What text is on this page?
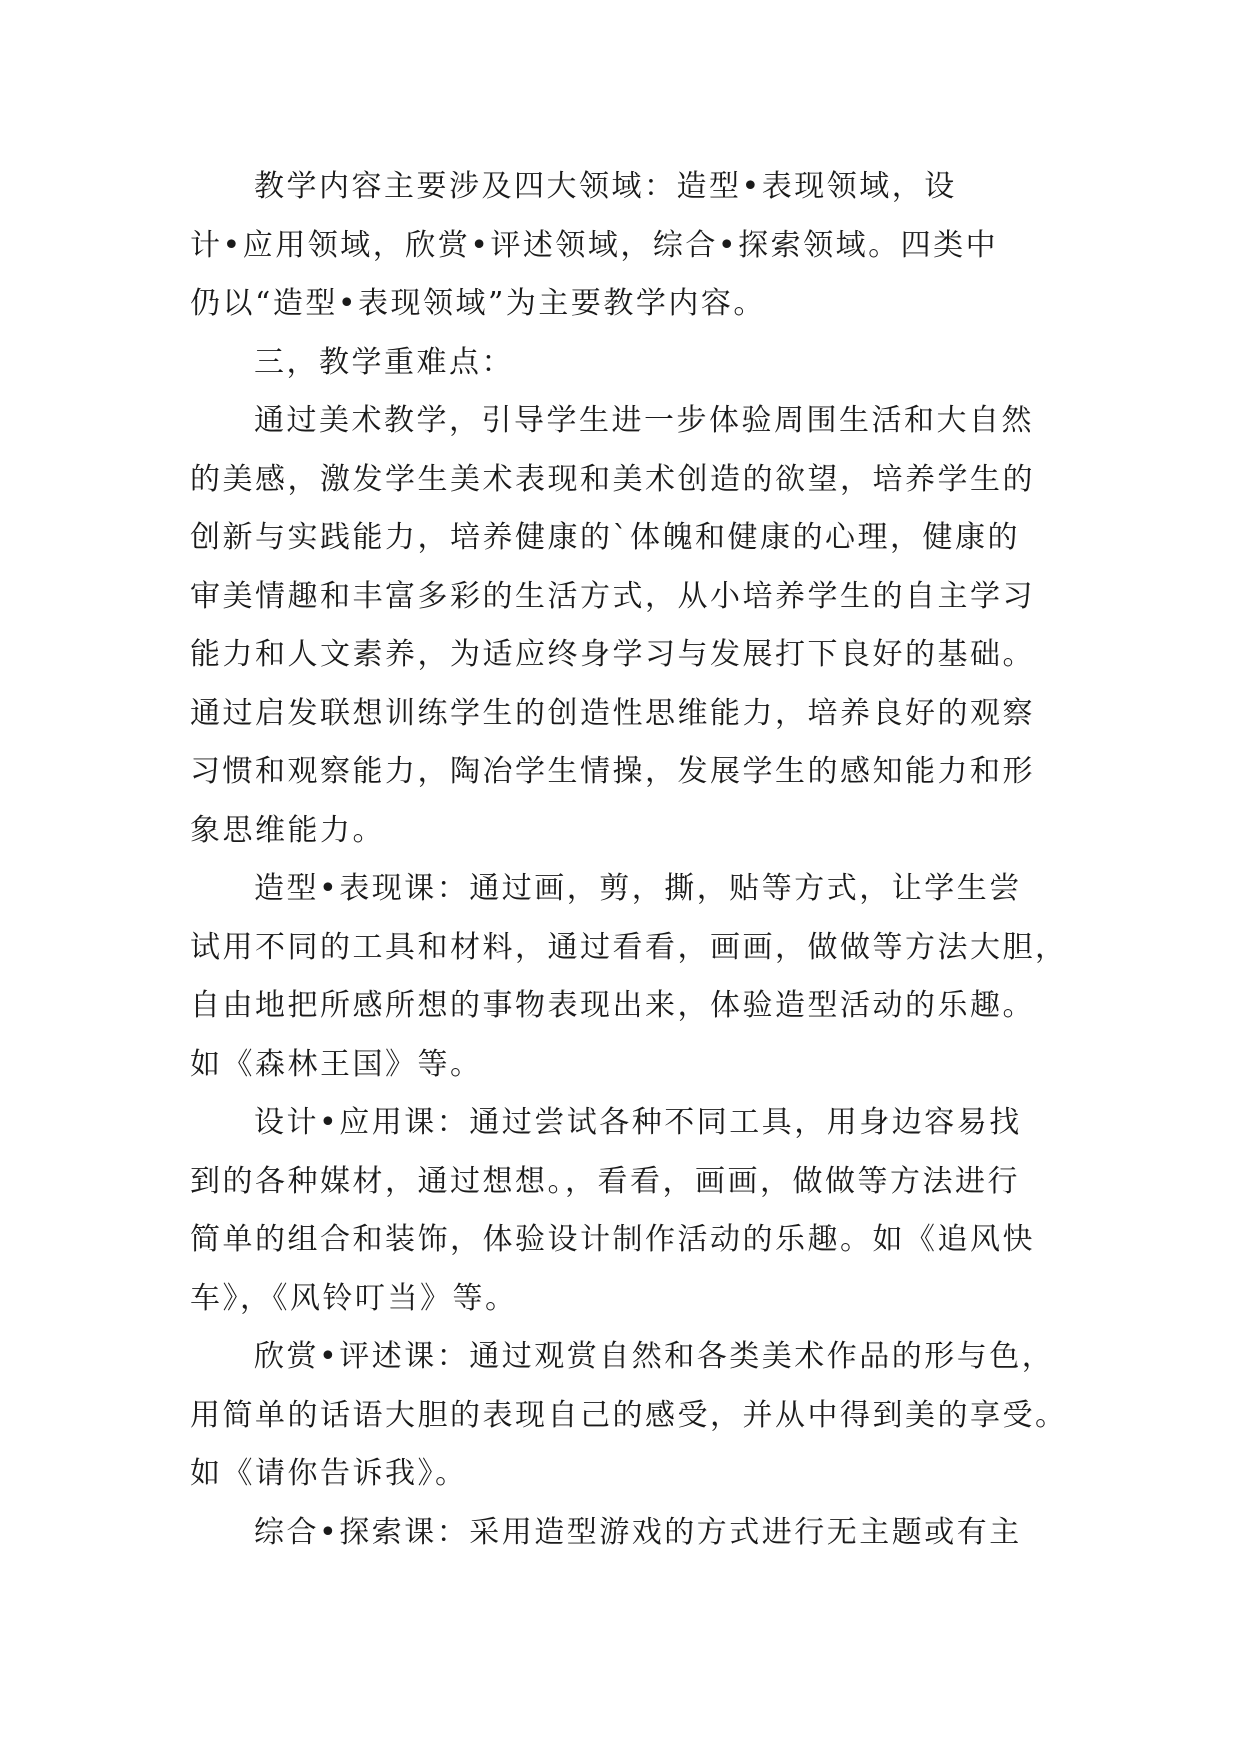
教学内容主要涉及四大领域：造型•表现领域，设
计•应用领域，欣赏•评述领域，综合•探索领域。四类中
仍以“造型•表现领域”为主要教学内容。
三，教学重难点：
通过美术教学，引导学生进一步体验周围生活和大自然
的美感，激发学生美术表现和美术创造的欲望，培养学生的
创新与实践能力，培养健康的`体魄和健康的心理，健康的
审美情趣和丰富多彩的生活方式，从小培养学生的自主学习
能力和人文素养，为适应终身学习与发展打下良好的基础。
通过启发联想训练学生的创造性思维能力，培养良好的观察
习惯和观察能力，陶冶学生情操，发展学生的感知能力和形
象思维能力。
造型•表现课：通过画，剪，撕，贴等方式，让学生尝
试用不同的工具和材料，通过看看，画画，做做等方法大胆，
自由地把所感所想的事物表现出来，体验造型活动的乐趣。
如《森林王国》等。
设计•应用课：通过尝试各种不同工具，用身边容易找
到的各种媒材，通过想想。，看看，画画，做做等方法进行
简单的组合和装饰，体验设计制作活动的乐趣。如《追风快
车》，《风铃叮当》等。
欣赏•评述课：通过观赏自然和各类美术作品的形与色，
用简单的话语大胆的表现自己的感受，并从中得到美的享受。
如《请你告诉我》。
综合•探索课：采用造型游戏的方式进行无主题或有主
